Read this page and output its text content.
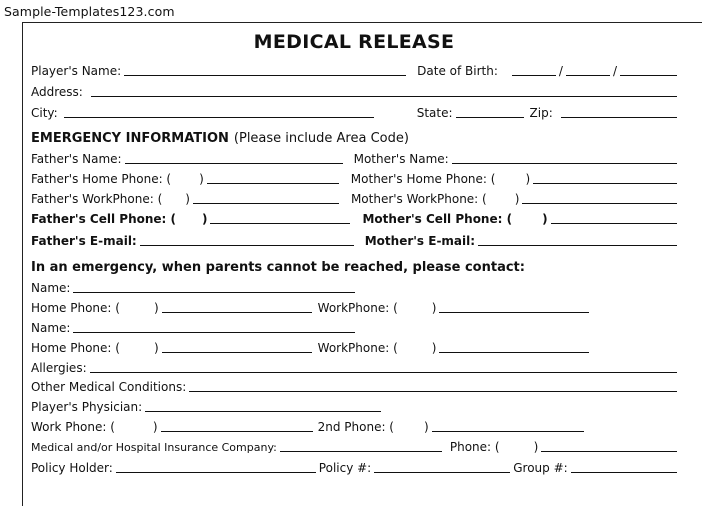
Sample-Templates123.com
MEDICAL RELEASE
Player's Name:	Date of Birth:	/	/
Address:
City:	State:	Zip:
EMERGENCY INFORMATION (Please include Area Code)
Father's Name:	Mother's Name:
Father's Home Phone: ( )	Mother's Home Phone: (	)
Father's WorkPhone: ( )	Mother's WorkPhone: ( )
Father's Cell Phone: ( )	Mother's Cell Phone: (	)
Father's E-mail:	Mother's E-mail:
In an emergency, when parents cannot be reached, please contact:
Name:
Home Phone: (	)	WorkPhone: (	)
Name:
Home Phone: (	)	WorkPhone: (	)
Allergies:
Other Medical Conditions:
Player's Physician:
Work Phone: (	)	2nd Phone: (	)
Medical and/or Hospital Insurance Company:	Phone: (	)
Policy Holder:	Policy #:	Group #:
